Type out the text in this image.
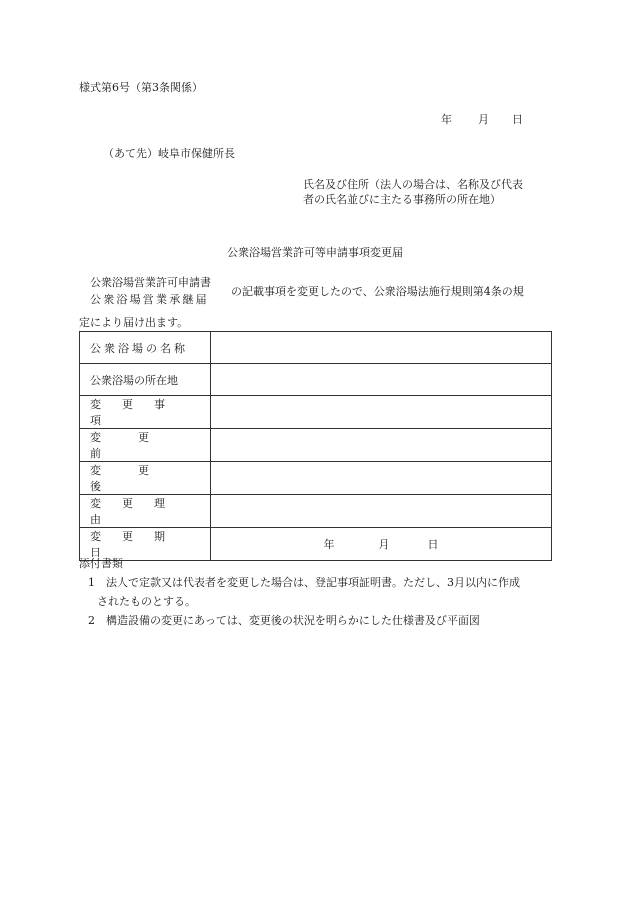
様式第6号（第3条関係）
年 月 日
（あて先）岐阜市保健所長
氏名及び住所（法人の場合は、名称及び代表
者の氏名並びに主たる事務所の所在地）
公衆浴場営業許可等申請事項変更届
公衆浴場営業許可申請書
公衆浴場営業承継届
の記載事項を変更したので、公衆浴場法施行規則第4条の規
定により届け出ます。
公衆浴場の名称	
公衆浴場の所在地	
変更事項	
変更前	
変更後	
変更理由	
変更期日	年 月 日
添付書類
1　法人で定款又は代表者を変更した場合は、登記事項証明書。ただし、3月以内に作成
されたものとする。
2　構造設備の変更にあっては、変更後の状況を明らかにした仕様書及び平面図
